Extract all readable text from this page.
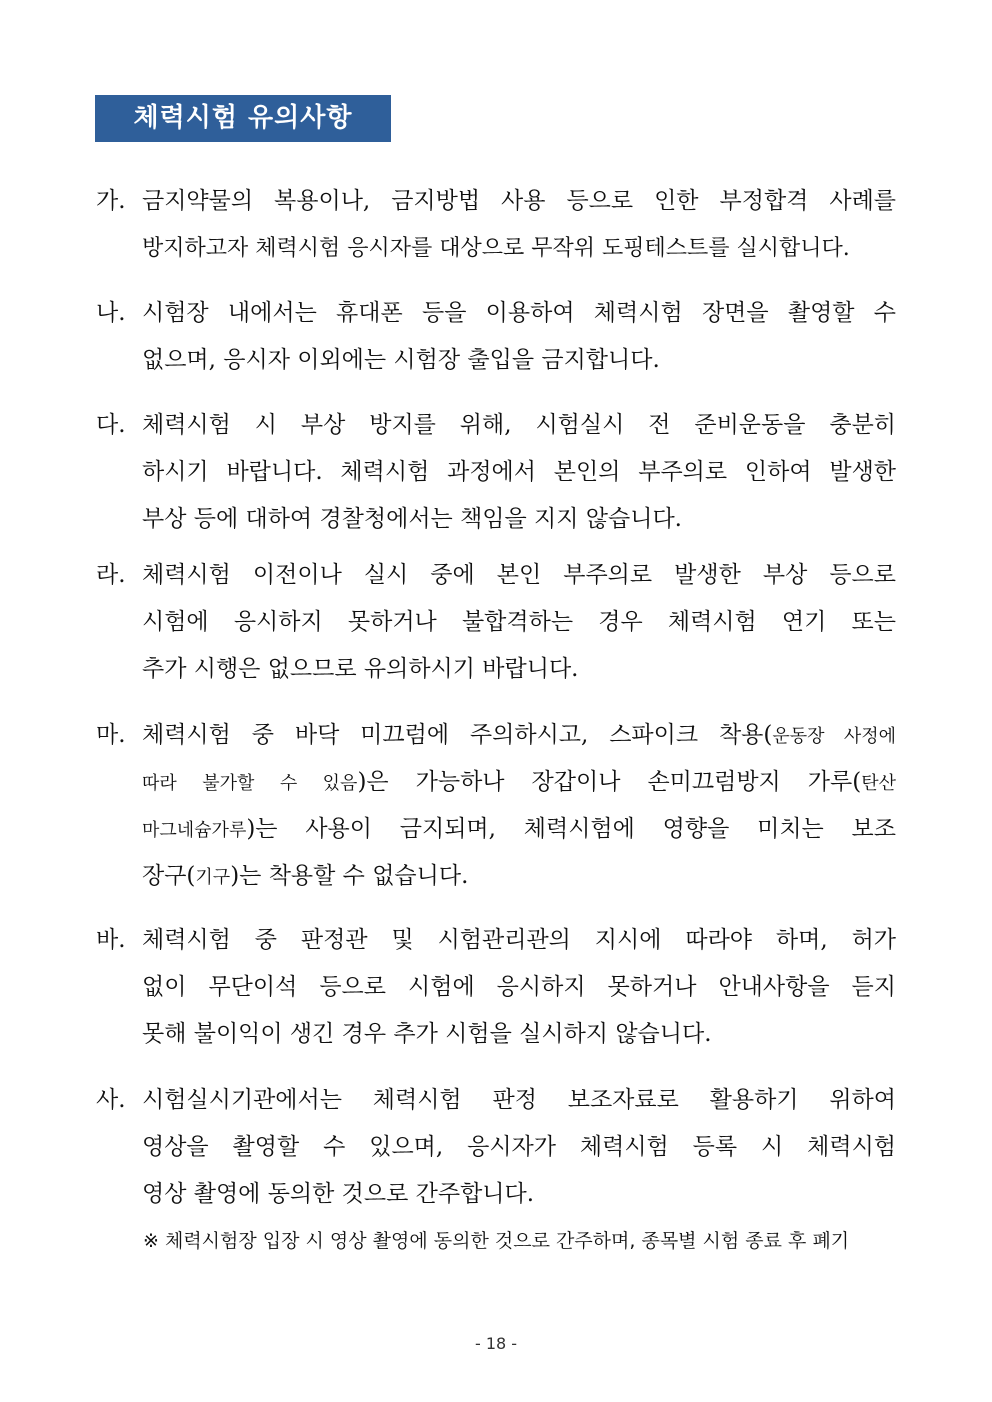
체력시험 유의사항
가. 금지약물의 복용이나, 금지방법 사용 등으로 인한 부정합격 사례를
방지하고자 체력시험 응시자를 대상으로 무작위 도핑테스트를 실시합니다.
나. 시험장 내에서는 휴대폰 등을 이용하여 체력시험 장면을 촬영할 수
없으며, 응시자 이외에는 시험장 출입을 금지합니다.
다. 체력시험 시 부상 방지를 위해, 시험실시 전 준비운동을 충분히
하시기 바랍니다. 체력시험 과정에서 본인의 부주의로 인하여 발생한
부상 등에 대하여 경찰청에서는 책임을 지지 않습니다.
라. 체력시험 이전이나 실시 중에 본인 부주의로 발생한 부상 등으로
시험에 응시하지 못하거나 불합격하는 경우 체력시험 연기 또는
추가 시행은 없으므로 유의하시기 바랍니다.
마. 체력시험 중 바닥 미끄럼에 주의하시고, 스파이크 착용(운동장 사정에
따라 불가할 수 있음)은 가능하나 장갑이나 손미끄럼방지 가루(탄산
마그네슘가루)는 사용이 금지되며, 체력시험에 영향을 미치는 보조
장구(기구)는 착용할 수 없습니다.
바. 체력시험 중 판정관 및 시험관리관의 지시에 따라야 하며, 허가
없이 무단이석 등으로 시험에 응시하지 못하거나 안내사항을 듣지
못해 불이익이 생긴 경우 추가 시험을 실시하지 않습니다.
사. 시험실시기관에서는 체력시험 판정 보조자료로 활용하기 위하여
영상을 촬영할 수 있으며, 응시자가 체력시험 등록 시 체력시험
영상 촬영에 동의한 것으로 간주합니다.
※ 체력시험장 입장 시 영상 촬영에 동의한 것으로 간주하며, 종목별 시험 종료 후 폐기
- 18 -
